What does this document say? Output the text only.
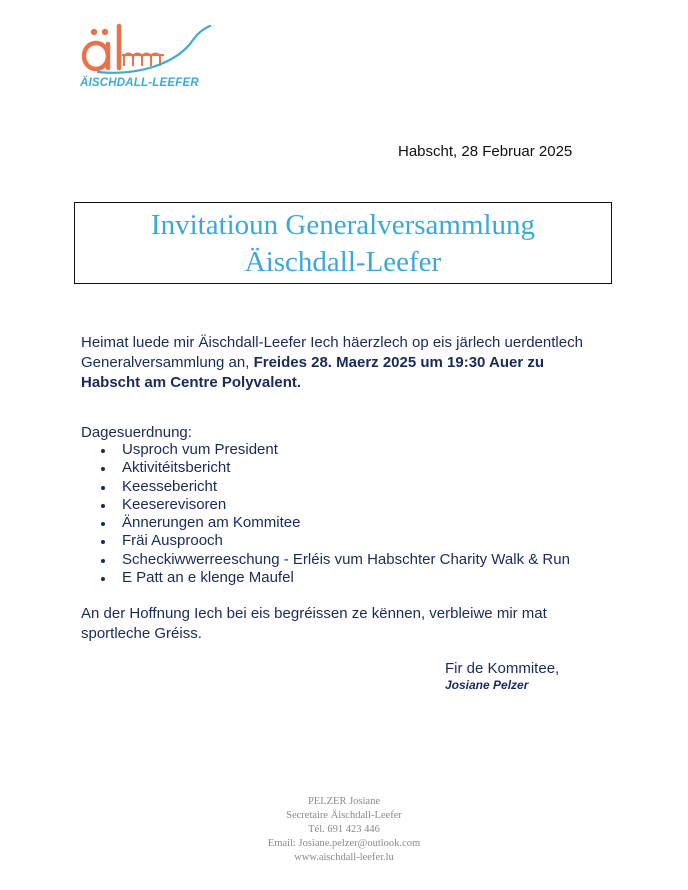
ÄISCHDALL-LEEFER
Habscht, 28 Februar 2025
Invitatioun Generalversammlung
Äischdall-Leefer
Heimat luede mir Äischdall-Leefer Iech häerzlech op eis järlech uerdentlech Generalversammlung an, Freides 28. Maerz 2025 um 19:30 Auer zu Habscht am Centre Polyvalent.
Dagesuerdnung:
Usproch vum President
Aktivitéitsbericht
Keessebericht
Keeserevisoren
Ännerungen am Kommitee
Fräi Ausprooch
Scheckiwwerreeschung - Erléis vum Habschter Charity Walk & Run
E Patt an e klenge Maufel
An der Hoffnung Iech bei eis begréissen ze kënnen, verbleiwe mir mat sportleche Gréiss.
Fir de Kommitee,
Josiane Pelzer
PELZER Josiane
Secretaire Äischdall-Leefer
Tél. 691 423 446
Email: Josiane.pelzer@outlook.com
www.aischdall-leefer.lu
